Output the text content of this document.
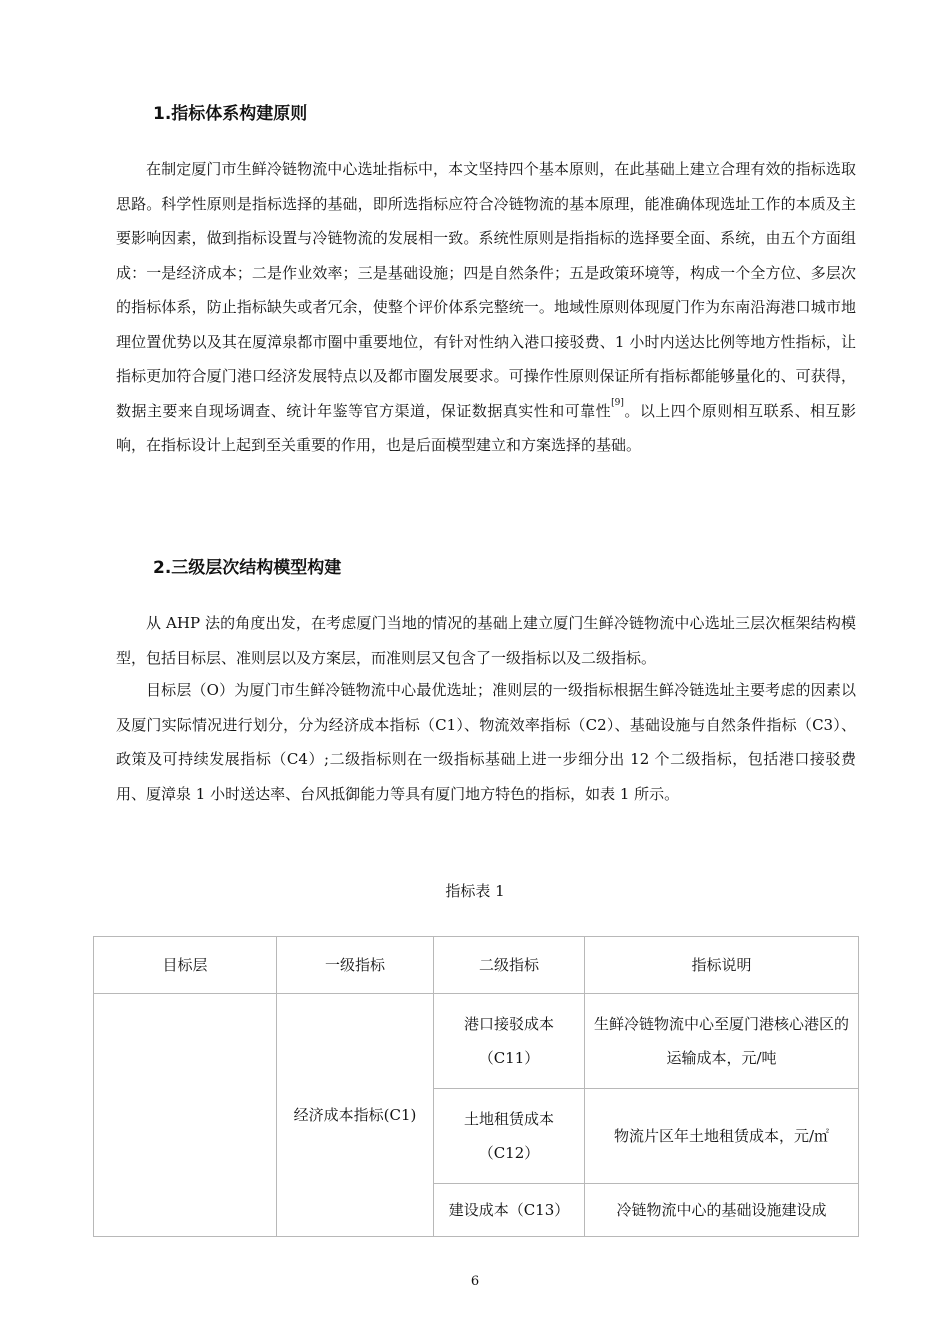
1.指标体系构建原则

在制定厦门市生鲜冷链物流中心选址指标中，本文坚持四个基本原则，在此基础上建立合理有效的指标选取思路。科学性原则是指标选择的基础，即所选指标应符合冷链物流的基本原理，能准确体现选址工作的本质及主要影响因素，做到指标设置与冷链物流的发展相一致。系统性原则是指指标的选择要全面、系统，由五个方面组成：一是经济成本；二是作业效率；三是基础设施；四是自然条件；五是政策环境等，构成一个全方位、多层次的指标体系，防止指标缺失或者冗余，使整个评价体系完整统一。地域性原则体现厦门作为东南沿海港口城市地理位置优势以及其在厦漳泉都市圈中重要地位，有针对性纳入港口接驳费、1 小时内送达比例等地方性指标，让指标更加符合厦门港口经济发展特点以及都市圈发展要求。可操作性原则保证所有指标都能够量化的、可获得，数据主要来自现场调查、统计年鉴等官方渠道，保证数据真实性和可靠性[9]。以上四个原则相互联系、相互影响，在指标设计上起到至关重要的作用，也是后面模型建立和方案选择的基础。

2.三级层次结构模型构建

从 AHP 法的角度出发，在考虑厦门当地的情况的基础上建立厦门生鲜冷链物流中心选址三层次框架结构模型，包括目标层、准则层以及方案层，而准则层又包含了一级指标以及二级指标。

目标层（O）为厦门市生鲜冷链物流中心最优选址；准则层的一级指标根据生鲜冷链选址主要考虑的因素以及厦门实际情况进行划分，分为经济成本指标（C1）、物流效率指标（C2）、基础设施与自然条件指标（C3）、政策及可持续发展指标（C4）;二级指标则在一级指标基础上进一步细分出 12 个二级指标，包括港口接驳费用、厦漳泉 1 小时送达率、台风抵御能力等具有厦门地方特色的指标，如表 1 所示。

指标表 1
目标层	一级指标	二级指标	指标说明
	经济成本指标(C1)	港口接驳成本（C11）	生鲜冷链物流中心至厦门港核心港区的运输成本，元/吨
		土地租赁成本（C12）	物流片区年土地租赁成本，元/㎡
		建设成本（C13）	冷链物流中心的基础设施建设成
6
